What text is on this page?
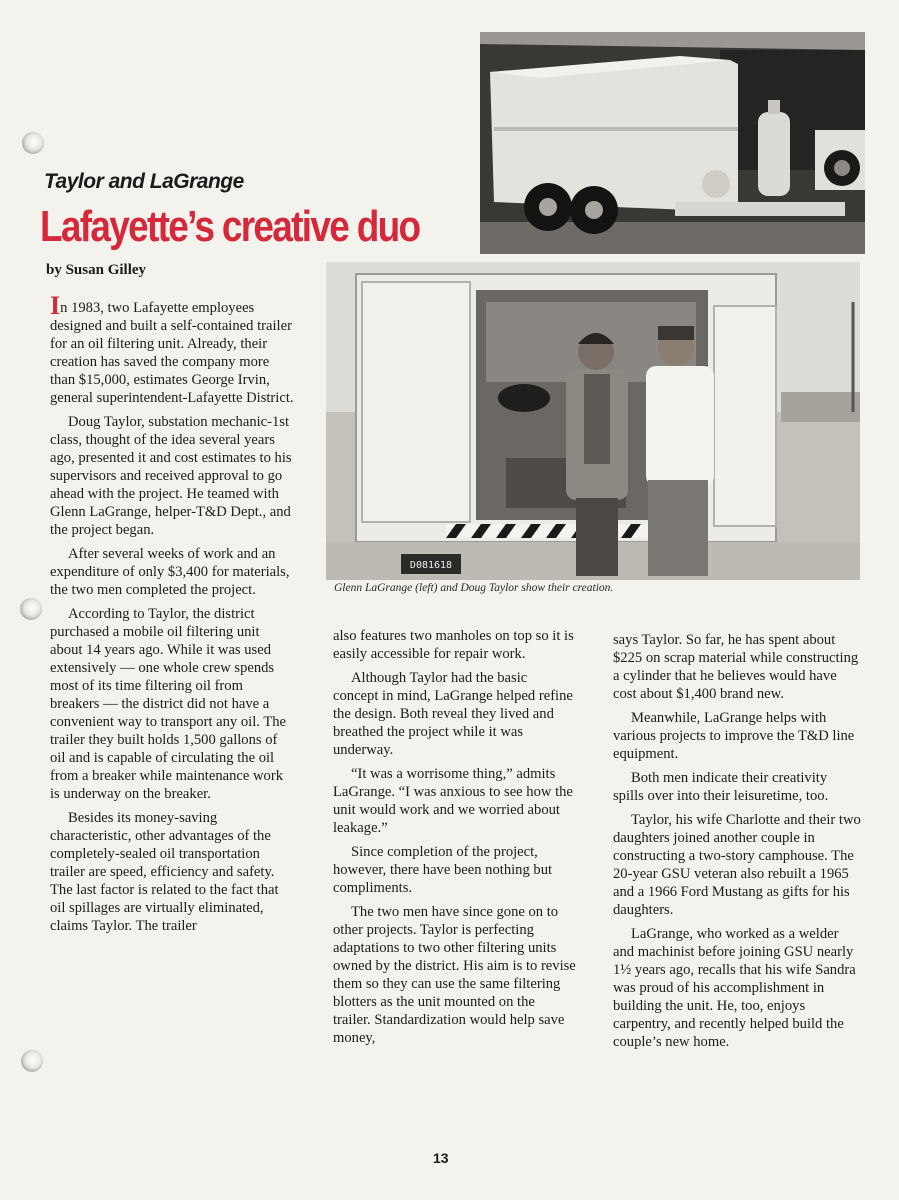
Taylor and LaGrange
Lafayette’s creative duo
by Susan Gilley
D081618
Glenn LaGrange (left) and Doug Taylor show their creation.

In 1983, two Lafayette employees designed and built a self-contained trailer for an oil filtering unit. Already, their creation has saved the company more than $15,000, estimates George Irvin, general superintendent-Lafayette District.

Doug Taylor, substation mechanic-1st class, thought of the idea several years ago, presented it and cost estimates to his supervisors and received approval to go ahead with the project. He teamed with Glenn LaGrange, helper-T&D Dept., and the project began.

After several weeks of work and an expenditure of only $3,400 for materials, the two men completed the project.

According to Taylor, the district purchased a mobile oil filtering unit about 14 years ago. While it was used extensively — one whole crew spends most of its time filtering oil from breakers — the district did not have a convenient way to transport any oil. The trailer they built holds 1,500 gallons of oil and is capable of circulating the oil from a breaker while maintenance work is underway on the breaker.

Besides its money-saving characteristic, other advantages of the completely-sealed oil transportation trailer are speed, efficiency and safety. The last factor is related to the fact that oil spillages are virtually eliminated, claims Taylor. The trailer

also features two manholes on top so it is easily accessible for repair work.

Although Taylor had the basic concept in mind, LaGrange helped refine the design. Both reveal they lived and breathed the project while it was underway.

“It was a worrisome thing,” admits LaGrange. “I was anxious to see how the unit would work and we worried about leakage.”

Since completion of the project, however, there have been nothing but compliments.

The two men have since gone on to other projects. Taylor is perfecting adaptations to two other filtering units owned by the district. His aim is to revise them so they can use the same filtering blotters as the unit mounted on the trailer. Standardization would help save money,

says Taylor. So far, he has spent about $225 on scrap material while constructing a cylinder that he believes would have cost about $1,400 brand new.

Meanwhile, LaGrange helps with various projects to improve the T&D line equipment.

Both men indicate their creativity spills over into their leisuretime, too.

Taylor, his wife Charlotte and their two daughters joined another couple in constructing a two-story camphouse. The 20-year GSU veteran also rebuilt a 1965 and a 1966 Ford Mustang as gifts for his daughters.

LaGrange, who worked as a welder and machinist before joining GSU nearly 1½ years ago, recalls that his wife Sandra was proud of his accomplishment in building the unit. He, too, enjoys carpentry, and recently helped build the couple’s new home.

13
